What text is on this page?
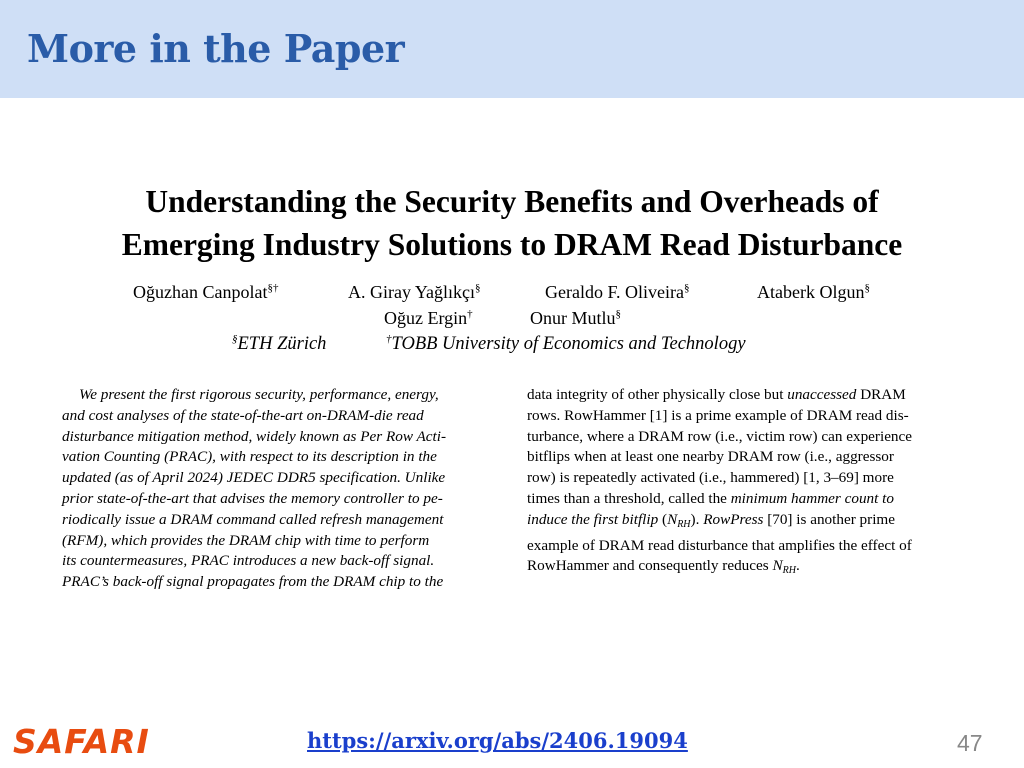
More in the Paper
Understanding the Security Benefits and Overheads of
Emerging Industry Solutions to DRAM Read Disturbance
Oğuzhan Canpolat§†	A. Giray Yağlıkçı§	Geraldo F. Oliveira§	Ataberk Olgun§
Oğuz Ergin†	Onur Mutlu§
§ETH Zürich	†TOBB University of Economics and Technology
We present the first rigorous security, performance, energy,
and cost analyses of the state-of-the-art on-DRAM-die read
disturbance mitigation method, widely known as Per Row Acti-
vation Counting (PRAC), with respect to its description in the
updated (as of April 2024) JEDEC DDR5 specification. Unlike
prior state-of-the-art that advises the memory controller to pe-
riodically issue a DRAM command called refresh management
(RFM), which provides the DRAM chip with time to perform
its countermeasures, PRAC introduces a new back-off signal.
PRAC’s back-off signal propagates from the DRAM chip to the
data integrity of other physically close but unaccessed DRAM
rows. RowHammer [1] is a prime example of DRAM read dis-
turbance, where a DRAM row (i.e., victim row) can experience
bitflips when at least one nearby DRAM row (i.e., aggressor
row) is repeatedly activated (i.e., hammered) [1, 3–69] more
times than a threshold, called the minimum hammer count to
induce the first bitflip $(N_{RH})$. RowPress [70] is another prime
example of DRAM read disturbance that amplifies the effect of
RowHammer and consequently reduces $N_{RH}$.
SAFARI	https://arxiv.org/abs/2406.19094	47
